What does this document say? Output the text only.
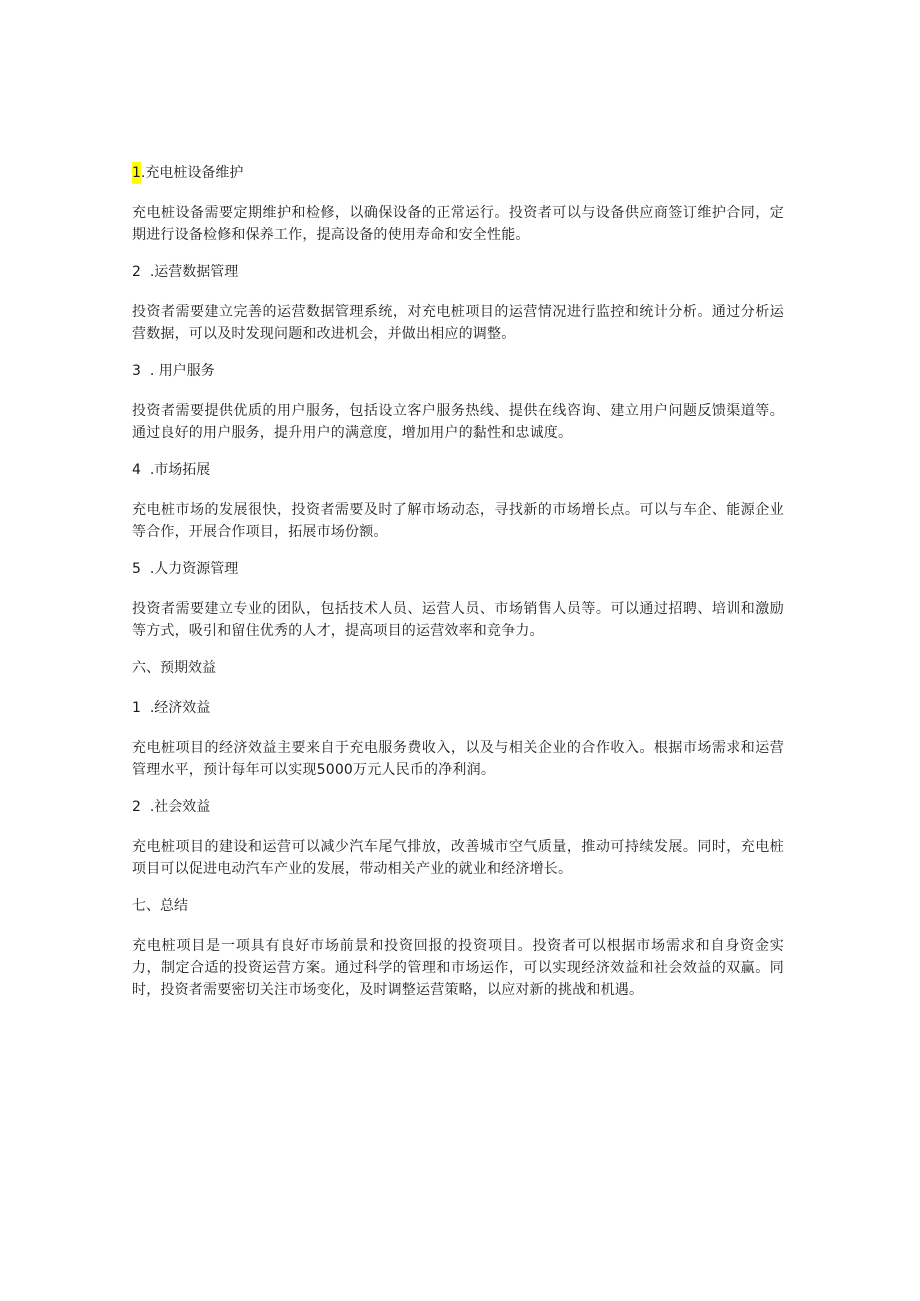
1.充电桩设备维护

充电桩设备需要定期维护和检修，以确保设备的正常运行。投资者可以与设备供应商签订维护合同，定期进行设备检修和保养工作，提高设备的使用寿命和安全性能。

2  .运营数据管理

投资者需要建立完善的运营数据管理系统，对充电桩项目的运营情况进行监控和统计分析。通过分析运营数据，可以及时发现问题和改进机会，并做出相应的调整。

3  . 用户服务

投资者需要提供优质的用户服务，包括设立客户服务热线、提供在线咨询、建立用户问题反馈渠道等。通过良好的用户服务，提升用户的满意度，增加用户的黏性和忠诚度。

4  .市场拓展

充电桩市场的发展很快，投资者需要及时了解市场动态，寻找新的市场增长点。可以与车企、能源企业等合作，开展合作项目，拓展市场份额。

5  .人力资源管理

投资者需要建立专业的团队，包括技术人员、运营人员、市场销售人员等。可以通过招聘、培训和激励等方式，吸引和留住优秀的人才，提高项目的运营效率和竞争力。

六、预期效益

1  .经济效益

充电桩项目的经济效益主要来自于充电服务费收入，以及与相关企业的合作收入。根据市场需求和运营管理水平，预计每年可以实现5000万元人民币的净利润。

2  .社会效益

充电桩项目的建设和运营可以减少汽车尾气排放，改善城市空气质量，推动可持续发展。同时，充电桩项目可以促进电动汽车产业的发展，带动相关产业的就业和经济增长。

七、总结

充电桩项目是一项具有良好市场前景和投资回报的投资项目。投资者可以根据市场需求和自身资金实力，制定合适的投资运营方案。通过科学的管理和市场运作，可以实现经济效益和社会效益的双赢。同时，投资者需要密切关注市场变化，及时调整运营策略，以应对新的挑战和机遇。
